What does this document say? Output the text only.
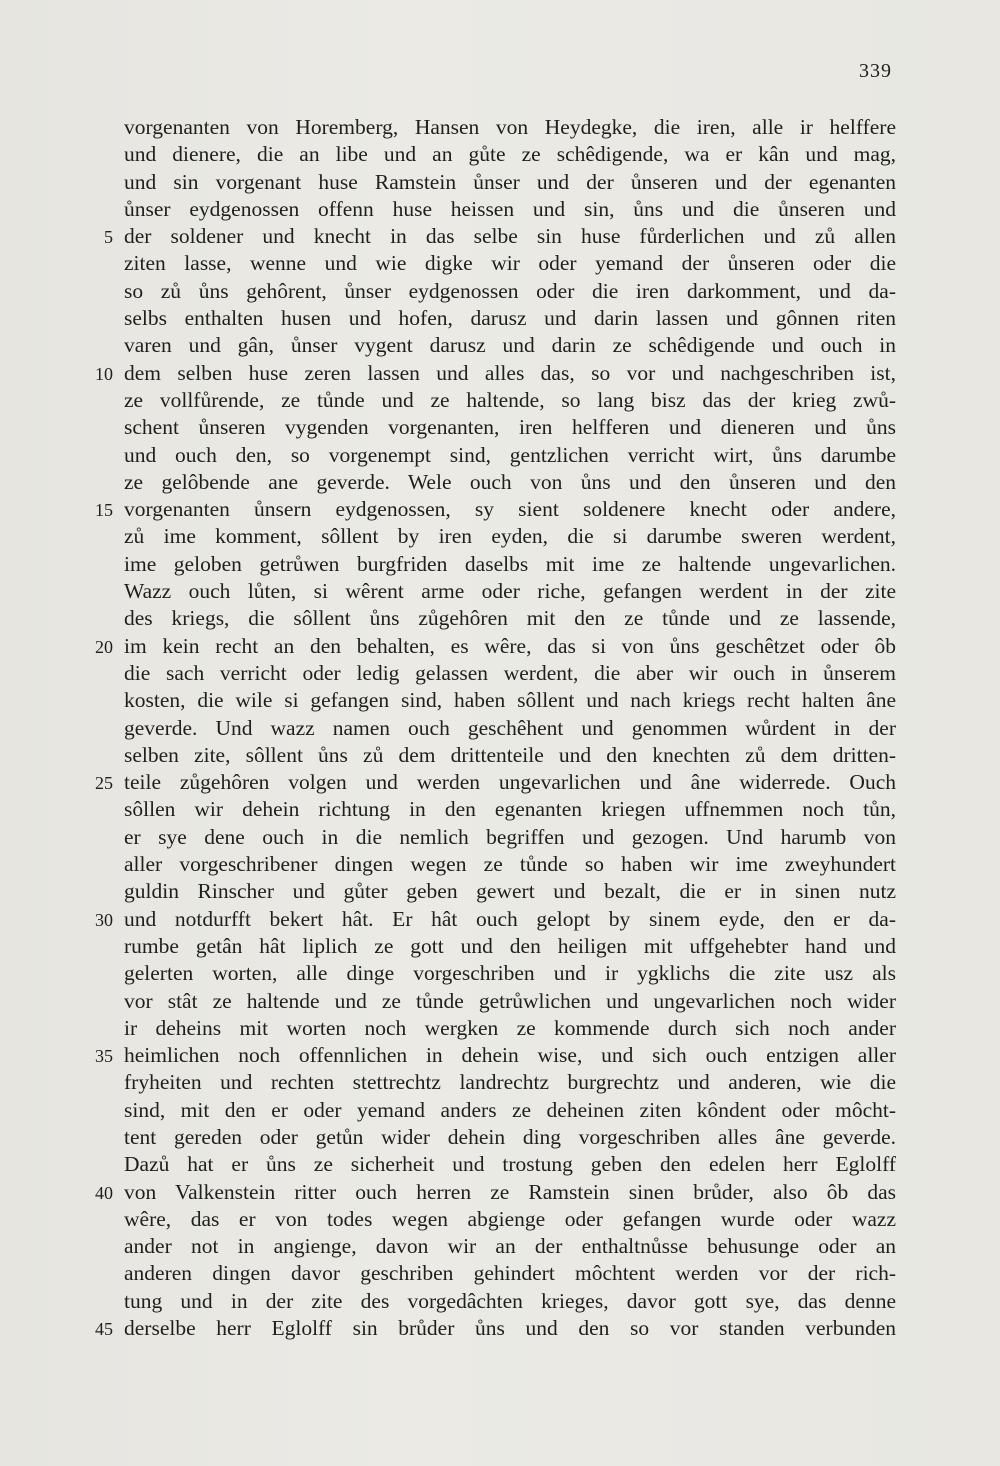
339
vorgenanten von Horemberg, Hansen von Heydegke, die iren, alle ir helffere
und dienere, die an libe und an gůte ze schêdigende, wa er kân und mag,
und sin vorgenant huse Ramstein ůnser und der ůnseren und der egenanten
ůnser eydgenossen offenn huse heissen und sin, ůns und die ůnseren und
5 der soldener und knecht in das selbe sin huse fůrderlichen und zů allen
ziten lasse, wenne und wie digke wir oder yemand der ůnseren oder die
so zů ůns gehôrent, ůnser eydgenossen oder die iren darkomment, und da-
selbs enthalten husen und hofen, darusz und darin lassen und gônnen riten
varen und gân, ůnser vygent darusz und darin ze schêdigende und ouch in
10 dem selben huse zeren lassen und alles das, so vor und nachgeschriben ist,
ze vollfůrende, ze tůnde und ze haltende, so lang bisz das der krieg zwů-
schent ůnseren vygenden vorgenanten, iren helfferen und dieneren und ůns
und ouch den, so vorgenempt sind, gentzlichen verricht wirt, ůns darumbe
ze gelôbende ane geverde. Wele ouch von ůns und den ůnseren und den
15 vorgenanten ůnsern eydgenossen, sy sient soldenere knecht oder andere,
zů ime komment, sôllent by iren eyden, die si darumbe sweren werdent,
ime geloben getrůwen burgfriden daselbs mit ime ze haltende ungevarlichen.
Wazz ouch lůten, si wêrent arme oder riche, gefangen werdent in der zite
des kriegs, die sôllent ůns zůgehôren mit den ze tůnde und ze lassende,
20 im kein recht an den behalten, es wêre, das si von ůns geschêtzet oder ôb
die sach verricht oder ledig gelassen werdent, die aber wir ouch in ůnserem
kosten, die wile si gefangen sind, haben sôllent und nach kriegs recht halten âne
geverde. Und wazz namen ouch geschêhent und genommen wůrdent in der
selben zite, sôllent ůns zů dem drittenteile und den knechten zů dem dritten-
25 teile zůgehôren volgen und werden ungevarlichen und âne widerrede. Ouch
sôllen wir dehein richtung in den egenanten kriegen uffnemmen noch tůn,
er sye dene ouch in die nemlich begriffen und gezogen. Und harumb von
aller vorgeschribener dingen wegen ze tůnde so haben wir ime zweyhundert
guldin Rinscher und gůter geben gewert und bezalt, die er in sinen nutz
30 und notdurfft bekert hât. Er hât ouch gelopt by sinem eyde, den er da-
rumbe getân hât liplich ze gott und den heiligen mit uffgehebter hand und
gelerten worten, alle dinge vorgeschriben und ir ygklichs die zite usz als
vor stât ze haltende und ze tůnde getrůwlichen und ungevarlichen noch wider
ir deheins mit worten noch wergken ze kommende durch sich noch ander
35 heimlichen noch offennlichen in dehein wise, und sich ouch entzigen aller
fryheiten und rechten stettrechtz landrechtz burgrechtz und anderen, wie die
sind, mit den er oder yemand anders ze deheinen ziten kôndent oder môcht-
tent gereden oder getůn wider dehein ding vorgeschriben alles âne geverde.
Dazů hat er ůns ze sicherheit und trostung geben den edelen herr Eglolff
40 von Valkenstein ritter ouch herren ze Ramstein sinen brůder, also ôb das
wêre, das er von todes wegen abgienge oder gefangen wurde oder wazz
ander not in angienge, davon wir an der enthaltnůsse behusunge oder an
anderen dingen davor geschriben gehindert môchtent werden vor der rich-
tung und in der zite des vorgedâchten krieges, davor gott sye, das denne
45 derselbe herr Eglolff sin brůder ůns und den so vor standen verbunden
